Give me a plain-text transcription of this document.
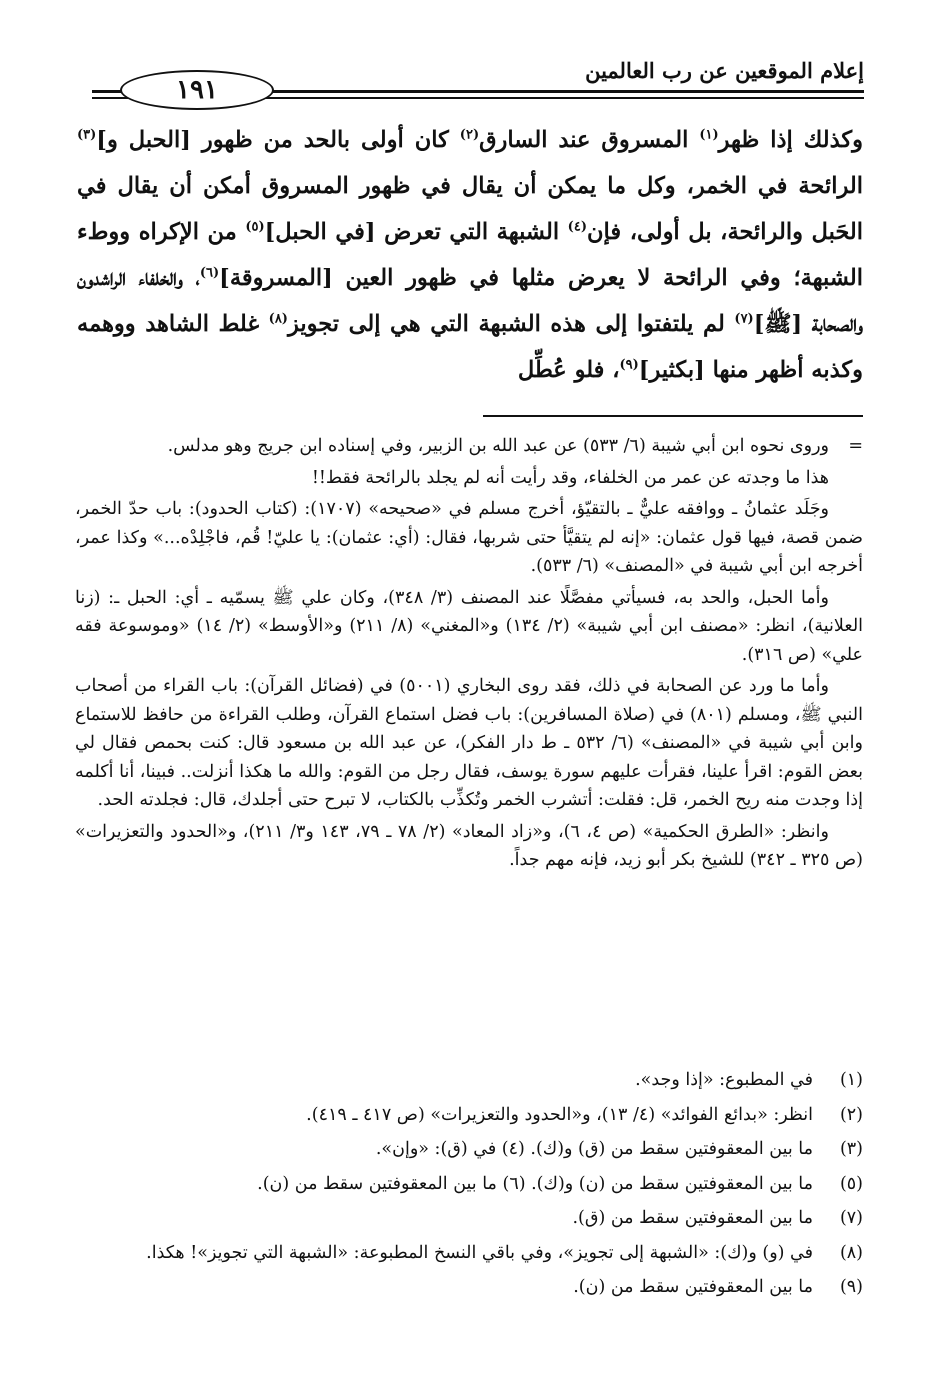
إعلام الموقعين عن رب العالمين
١٩١

وكذلك إذا ظهر$^{(١)}$ المسروق عند السارق$^{(٢)}$ كان أولى بالحد من ظهور [الحبل و]$^{(٣)}$ الرائحة في الخمر، وكل ما يمكن أن يقال في ظهور المسروق أمكن أن يقال في الحَبل والرائحة، بل أولى، فإن$^{(٤)}$ الشبهة التي تعرض [في الحبل]$^{(٥)}$ من الإكراه ووطء الشبهة؛ وفي الرائحة لا يعرض مثلها في ظهور العين [المسروقة]$^{(٦)}$، والخلفاء الراشدون والصحابة [ﷺ]$^{(٧)}$ لم يلتفتوا إلى هذه الشبهة التي هي إلى تجويز$^{(٨)}$ غلط الشاهد ووهمه وكذبه أظهر منها [بكثير]$^{(٩)}$، فلو عُطِّل

=
وروى نحوه ابن أبي شيبة (٦/ ٥٣٣) عن عبد الله بن الزبير، وفي إسناده ابن جريج وهو مدلس.

هذا ما وجدته عن عمر من الخلفاء، وقد رأيت أنه لم يجلد بالرائحة فقط!!

وجَلَد عثمانُ ـ ووافقه عليٌّ ـ بالتقيّؤ، أخرج مسلم في «صحيحه» (١٧٠٧): (كتاب الحدود): باب حدّ الخمر، ضمن قصة، فيها قول عثمان: «إنه لم يتقيَّأ حتى شربها، فقال: (أي: عثمان): يا عليّ! قُم، فاجْلِدْه...» وكذا عمر، أخرجه ابن أبي شيبة في «المصنف» (٦/ ٥٣٣).

وأما الحبل، والحد به، فسيأتي مفصَّلًا عند المصنف (٣/ ٣٤٨)، وكان علي ﷺ يسمّيه ـ أي: الحبل ـ: (زنا العلانية)، انظر: «مصنف ابن أبي شيبة» (٢/ ١٣٤) و«المغني» (٨/ ٢١١) و«الأوسط» (٢/ ١٤) «وموسوعة فقه علي» (ص ٣١٦).

وأما ما ورد عن الصحابة في ذلك، فقد روى البخاري (٥٠٠١) في (فضائل القرآن): باب القراء من أصحاب النبي ﷺ، ومسلم (٨٠١) في (صلاة المسافرين): باب فضل استماع القرآن، وطلب القراءة من حافظ للاستماع وابن أبي شيبة في «المصنف» (٦/ ٥٣٢ ـ ط دار الفكر)، عن عبد الله بن مسعود قال: كنت بحمص فقال لي بعض القوم: اقرأ علينا، فقرأت عليهم سورة يوسف، فقال رجل من القوم: والله ما هكذا أنزلت.. فبينا، أنا أكلمه إذا وجدت منه ريح الخمر، قل: فقلت: أتشرب الخمر وتُكذِّب بالكتاب، لا تبرح حتى أجلدك، قال: فجلدته الحد.

وانظر: «الطرق الحكمية» (ص ٤، ٦)، و«زاد المعاد» (٢/ ٧٨ ـ ٧٩، ١٤٣ و٣/ ٢١١)، و«الحدود والتعزيرات» (ص ٣٢٥ ـ ٣٤٢) للشيخ بكر أبو زيد، فإنه مهم جداً.

(١)
في المطبوع: «إذا وجد».
(٢)
انظر: «بدائع الفوائد» (٤/ ١٣)، و«الحدود والتعزيرات» (ص ٤١٧ ـ ٤١٩).
(٣)
ما بين المعقوفتين سقط من (ق) و(ك). (٤) في (ق): «وإن».
(٥)
ما بين المعقوفتين سقط من (ن) و(ك). (٦) ما بين المعقوفتين سقط من (ن).
(٧)
ما بين المعقوفتين سقط من (ق).
(٨)
في (و) و(ك): «الشبهة إلى تجويز»، وفي باقي النسخ المطبوعة: «الشبهة التي تجويز»! هكذا.
(٩)
ما بين المعقوفتين سقط من (ن).
